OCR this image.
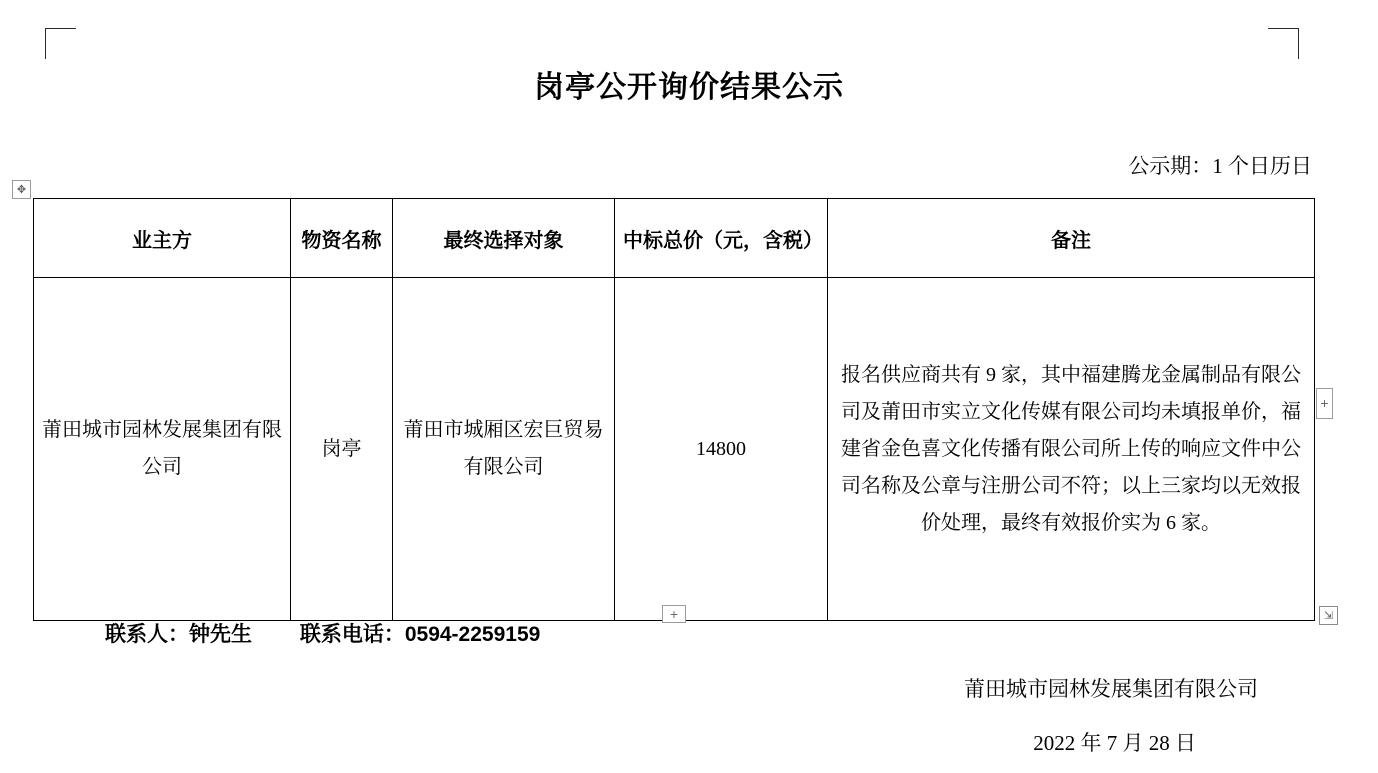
岗亭公开询价结果公示
公示期：1 个日历日
业主方	物资名称	最终选择对象	中标总价（元，含税）	备注
莆田城市园林发展集团有限公司	岗亭	莆田市城厢区宏巨贸易有限公司	14800	报名供应商共有 9 家，其中福建腾龙金属制品有限公司及莆田市实立文化传媒有限公司均未填报单价，福建省金色喜文化传播有限公司所上传的响应文件中公司名称及公章与注册公司不符；以上三家均以无效报价处理，最终有效报价实为 6 家。
联系人：钟先生 联系电话：0594-2259159
莆田城市园林发展集团有限公司
2022 年 7 月 28 日
✥
+
+	⇲
